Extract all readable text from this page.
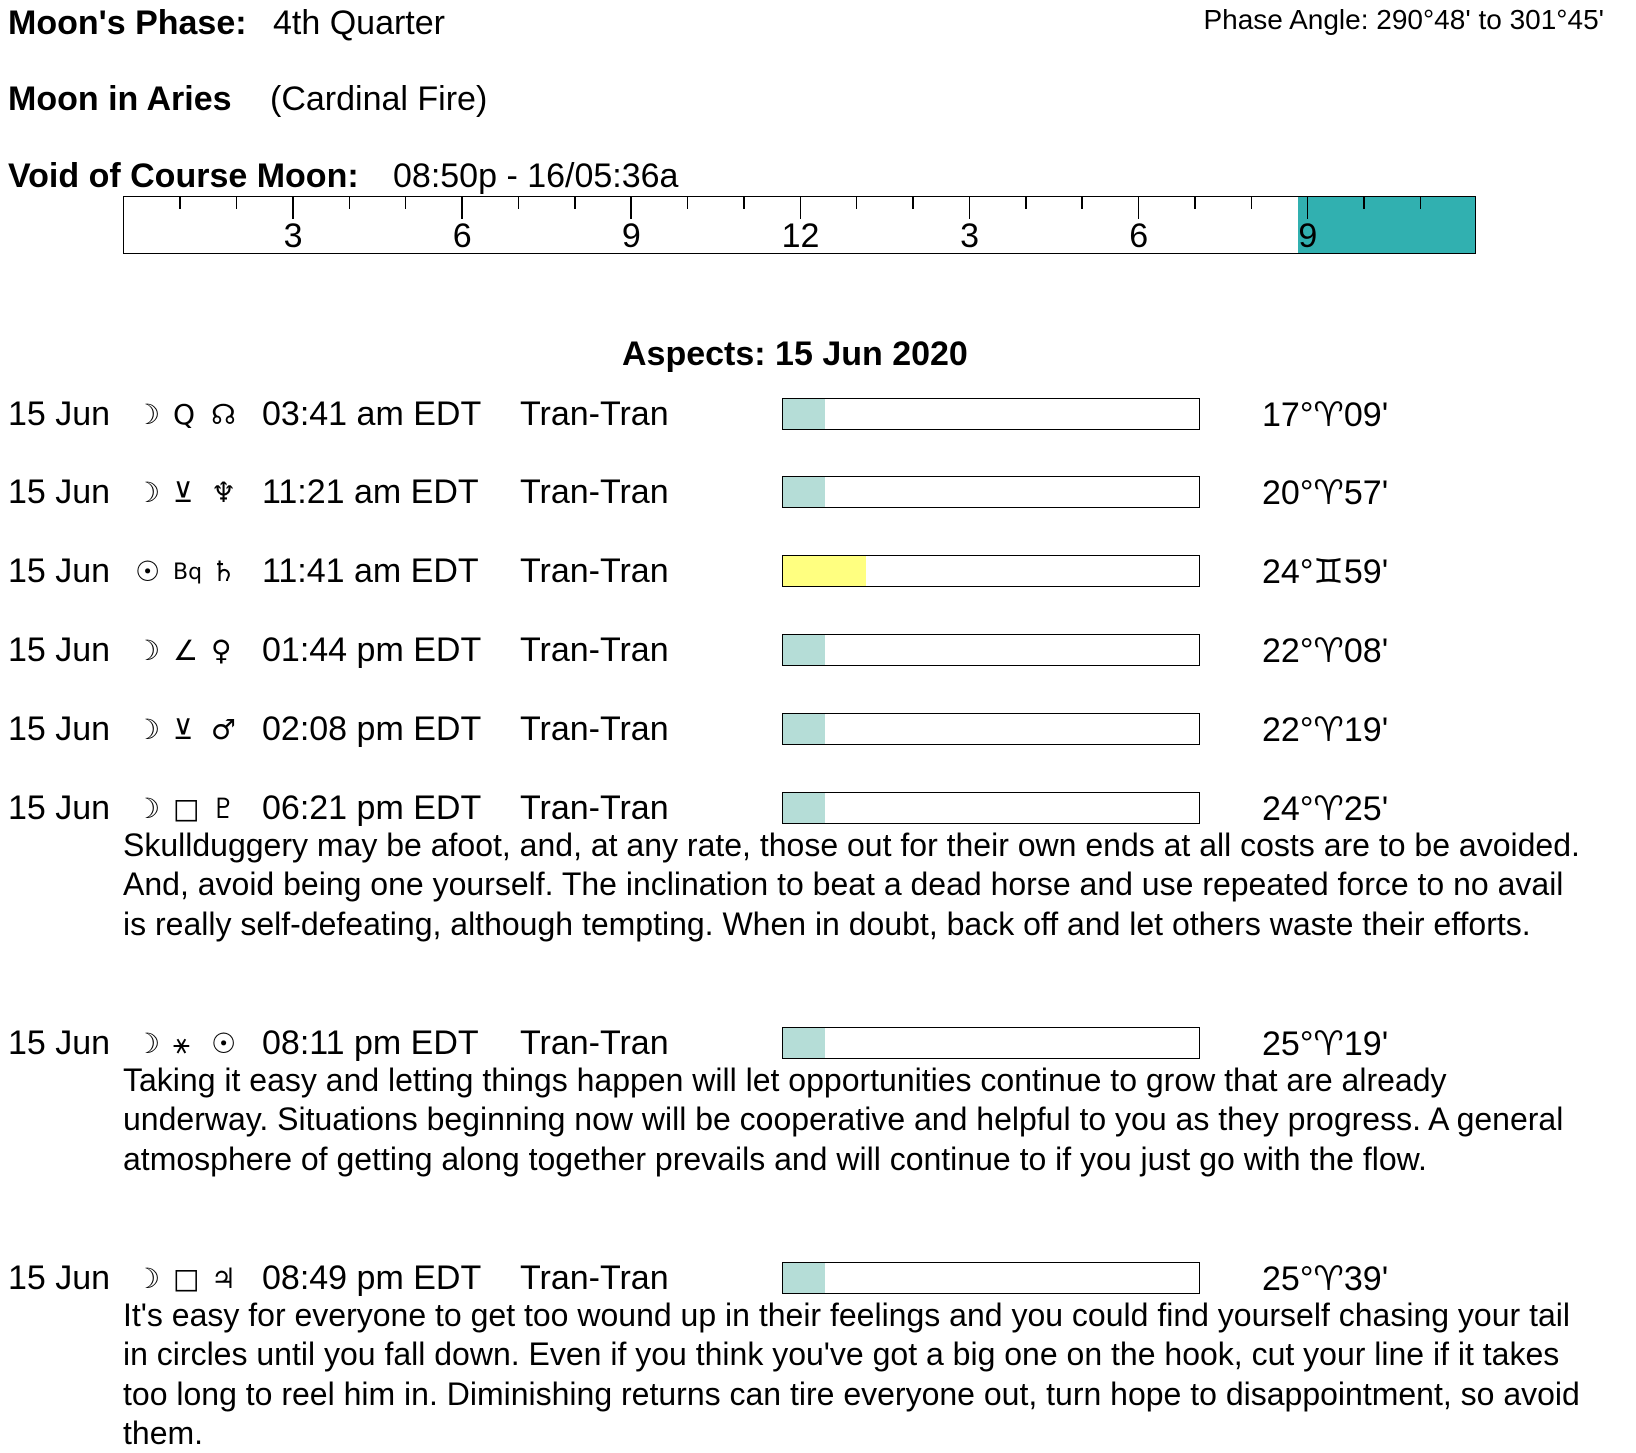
Moon's Phase: 4th Quarter	Phase Angle: 290°48' to 301°45'
Moon in Aries (Cardinal Fire)
Void of Course Moon: 08:50p - 16/05:36a
3	6	9	12	3	6	9
Aspects: 15 Jun 2020
15 Jun ☽ Q ☊ 03:41 am EDT Tran-Tran	17°♈09'
15 Jun ☽ ⊻ ♆ 11:21 am EDT Tran-Tran	20°♈57'
15 Jun ☉ Bq ♄ 11:41 am EDT Tran-Tran	24°♊59'
15 Jun ☽ ∠ ♀ 01:44 pm EDT Tran-Tran	22°♈08'
15 Jun ☽ ⊻ ♂ 02:08 pm EDT Tran-Tran	22°♈19'
15 Jun ☽ □ ♇ 06:21 pm EDT Tran-Tran	24°♈25'
Skullduggery may be afoot, and, at any rate, those out for their own ends at all costs are to be avoided. And, avoid being one yourself. The inclination to beat a dead horse and use repeated force to no avail is really self-defeating, although tempting. When in doubt, back off and let others waste their efforts.
15 Jun ☽ ⚹ ☉ 08:11 pm EDT Tran-Tran	25°♈19'
Taking it easy and letting things happen will let opportunities continue to grow that are already underway. Situations beginning now will be cooperative and helpful to you as they progress. A general atmosphere of getting along together prevails and will continue to if you just go with the flow.
15 Jun ☽ □ ♃ 08:49 pm EDT Tran-Tran	25°♈39'
It's easy for everyone to get too wound up in their feelings and you could find yourself chasing your tail in circles until you fall down. Even if you think you've got a big one on the hook, cut your line if it takes too long to reel him in. Diminishing returns can tire everyone out, turn hope to disappointment, so avoid them.
